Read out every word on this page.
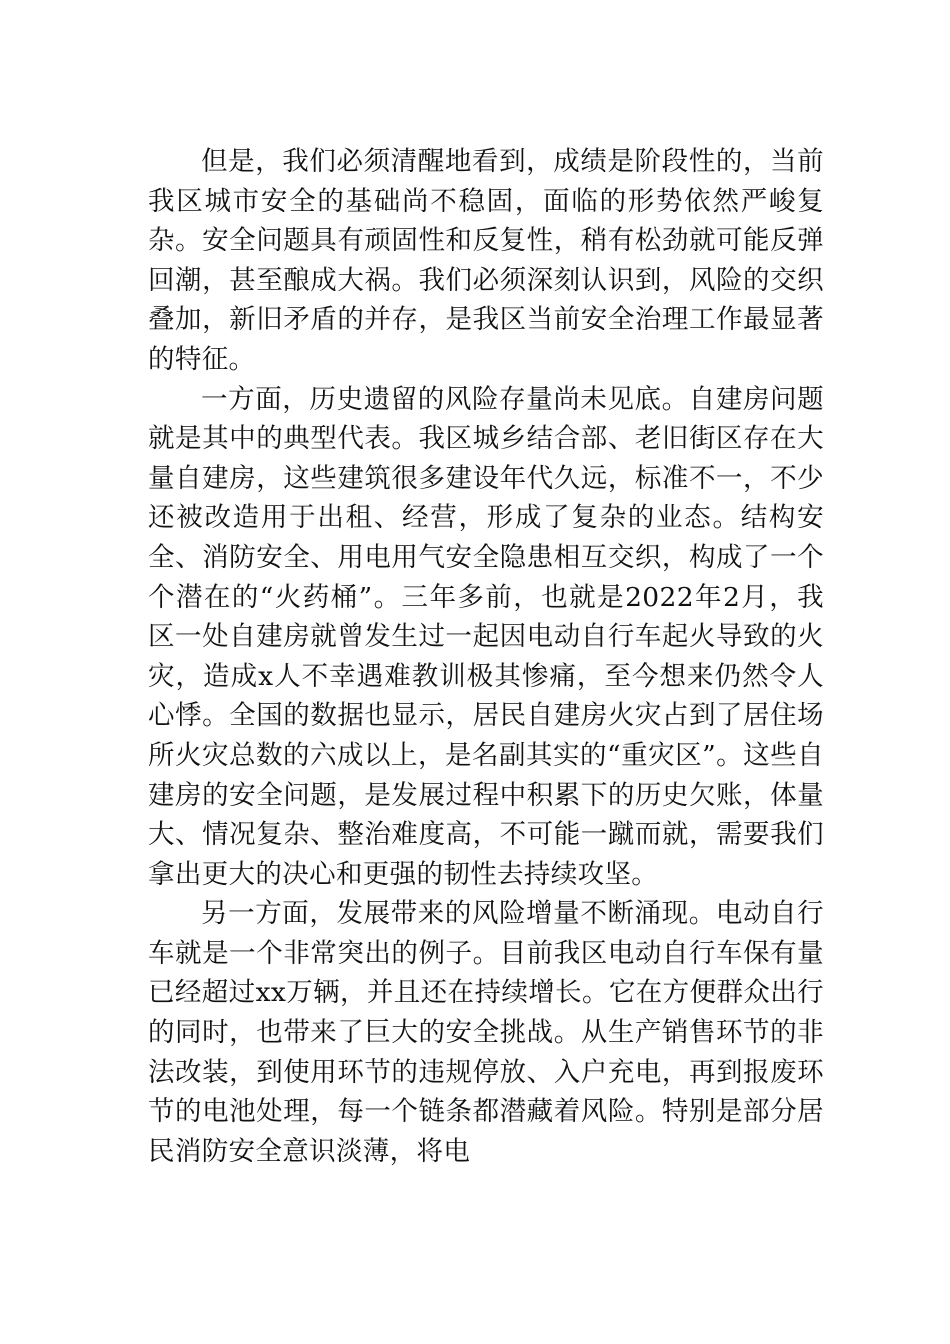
但是，我们必须清醒地看到，成绩是阶段性的，当前我区城市安全的基础尚不稳固，面临的形势依然严峻复杂。安全问题具有顽固性和反复性，稍有松劲就可能反弹回潮，甚至酿成大祸。我们必须深刻认识到，风险的交织叠加，新旧矛盾的并存，是我区当前安全治理工作最显著的特征。

一方面，历史遗留的风险存量尚未见底。自建房问题就是其中的典型代表。我区城乡结合部、老旧街区存在大量自建房，这些建筑很多建设年代久远，标准不一，不少还被改造用于出租、经营，形成了复杂的业态。结构安全、消防安全、用电用气安全隐患相互交织，构成了一个个潜在的“火药桶”。三年多前，也就是2022年2月，我区一处自建房就曾发生过一起因电动自行车起火导致的火灾，造成x人不幸遇难教训极其惨痛，至今想来仍然令人心悸。全国的数据也显示，居民自建房火灾占到了居住场所火灾总数的六成以上，是名副其实的“重灾区”。这些自建房的安全问题，是发展过程中积累下的历史欠账，体量大、情况复杂、整治难度高，不可能一蹴而就，需要我们拿出更大的决心和更强的韧性去持续攻坚。

另一方面，发展带来的风险增量不断涌现。电动自行车就是一个非常突出的例子。目前我区电动自行车保有量已经超过xx万辆，并且还在持续增长。它在方便群众出行的同时，也带来了巨大的安全挑战。从生产销售环节的非法改装，到使用环节的违规停放、入户充电，再到报废环节的电池处理，每一个链条都潜藏着风险。特别是部分居民消防安全意识淡薄，将电
